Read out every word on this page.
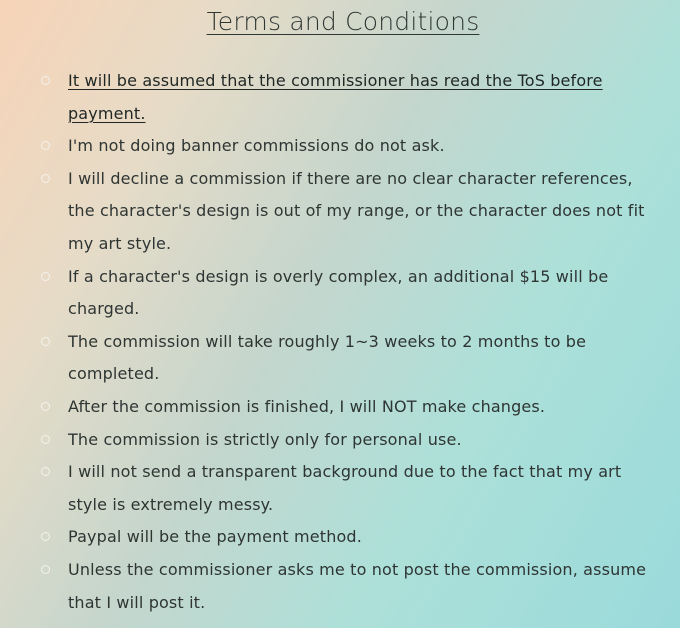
Terms and Conditions
It will be assumed that the commissioner has read the ToS before payment.
I'm not doing banner commissions do not ask.
I will decline a commission if there are no clear character references, the character's design is out of my range, or the character does not fit my art style.
If a character's design is overly complex, an additional $15 will be charged.
The commission will take roughly 1~3 weeks to 2 months to be completed.
After the commission is finished, I will NOT make changes.
The commission is strictly only for personal use.
I will not send a transparent background due to the fact that my art style is extremely messy.
Paypal will be the payment method.
Unless the commissioner asks me to not post the commission, assume that I will post it.
